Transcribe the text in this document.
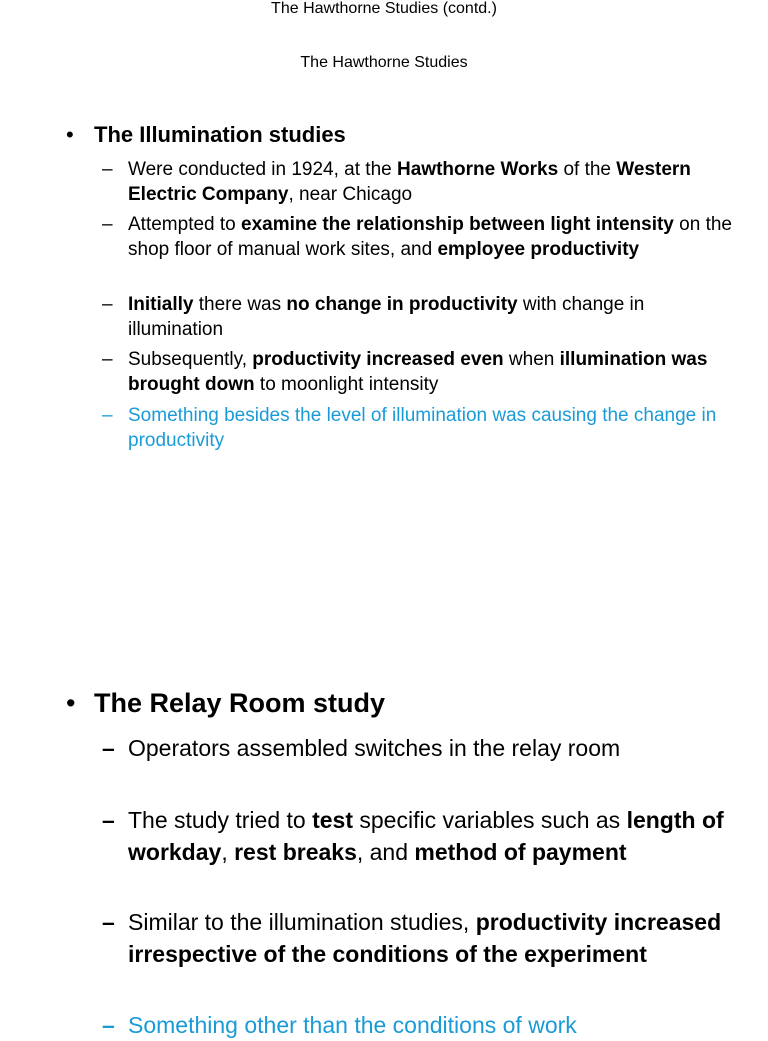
The Hawthorne Studies
• The Illumination studies
– Were conducted in 1924, at the Hawthorne Works of the Western Electric Company, near Chicago
– Attempted to examine the relationship between light intensity on the shop floor of manual work sites, and employee productivity
– Initially there was no change in productivity with change in illumination
– Subsequently, productivity increased even when illumination was brought down to moonlight intensity
– Something besides the level of illumination was causing the change in productivity
The Hawthorne Studies (contd.)
• The Relay Room study
– Operators assembled switches in the relay room
– The study tried to test specific variables such as length of workday, rest breaks, and method of payment
– Similar to the illumination studies, productivity increased irrespective of the conditions of the experiment
– Something other than the conditions of work
